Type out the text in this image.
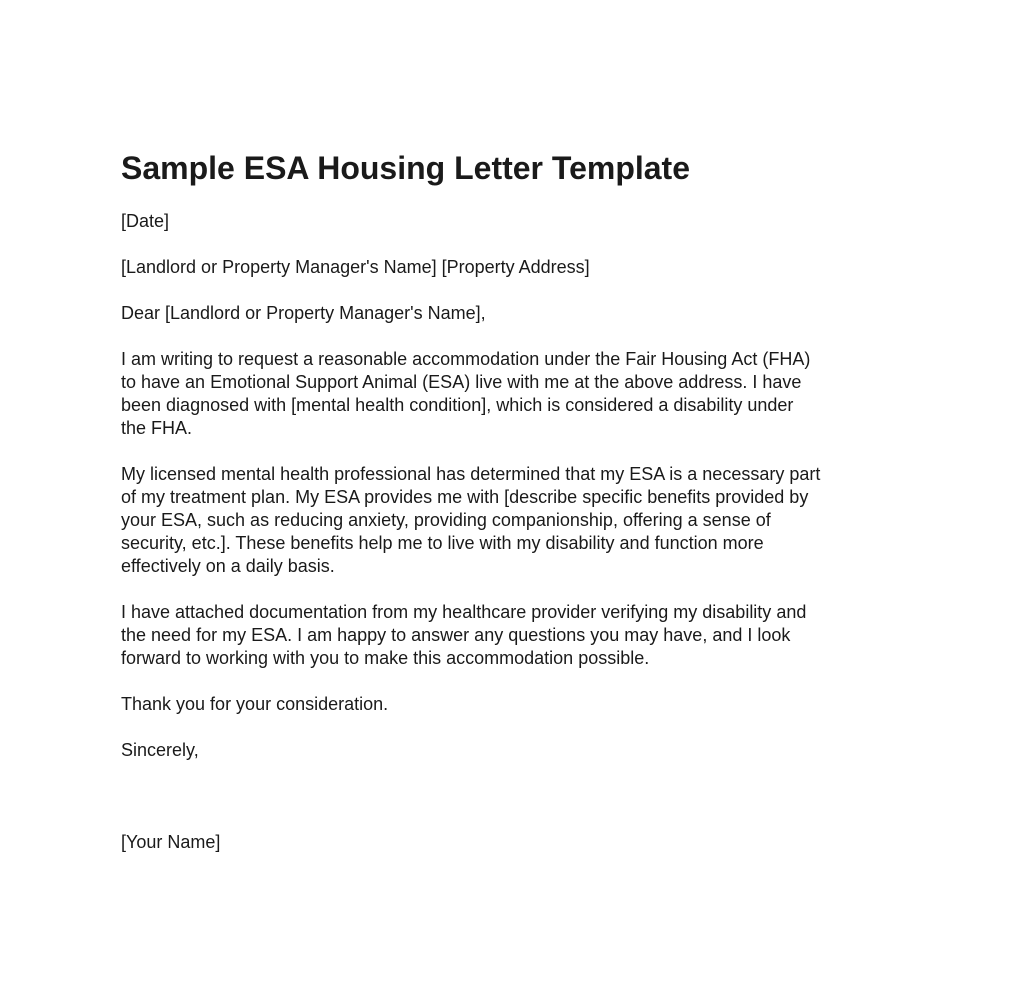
Sample ESA Housing Letter Template

[Date]

[Landlord or Property Manager's Name] [Property Address]

Dear [Landlord or Property Manager's Name],

I am writing to request a reasonable accommodation under the Fair Housing Act (FHA)
to have an Emotional Support Animal (ESA) live with me at the above address. I have
been diagnosed with [mental health condition], which is considered a disability under
the FHA.

My licensed mental health professional has determined that my ESA is a necessary part
of my treatment plan. My ESA provides me with [describe specific benefits provided by
your ESA, such as reducing anxiety, providing companionship, offering a sense of
security, etc.]. These benefits help me to live with my disability and function more
effectively on a daily basis.

I have attached documentation from my healthcare provider verifying my disability and
the need for my ESA. I am happy to answer any questions you may have, and I look
forward to working with you to make this accommodation possible.

Thank you for your consideration.

Sincerely,

[Your Name]
